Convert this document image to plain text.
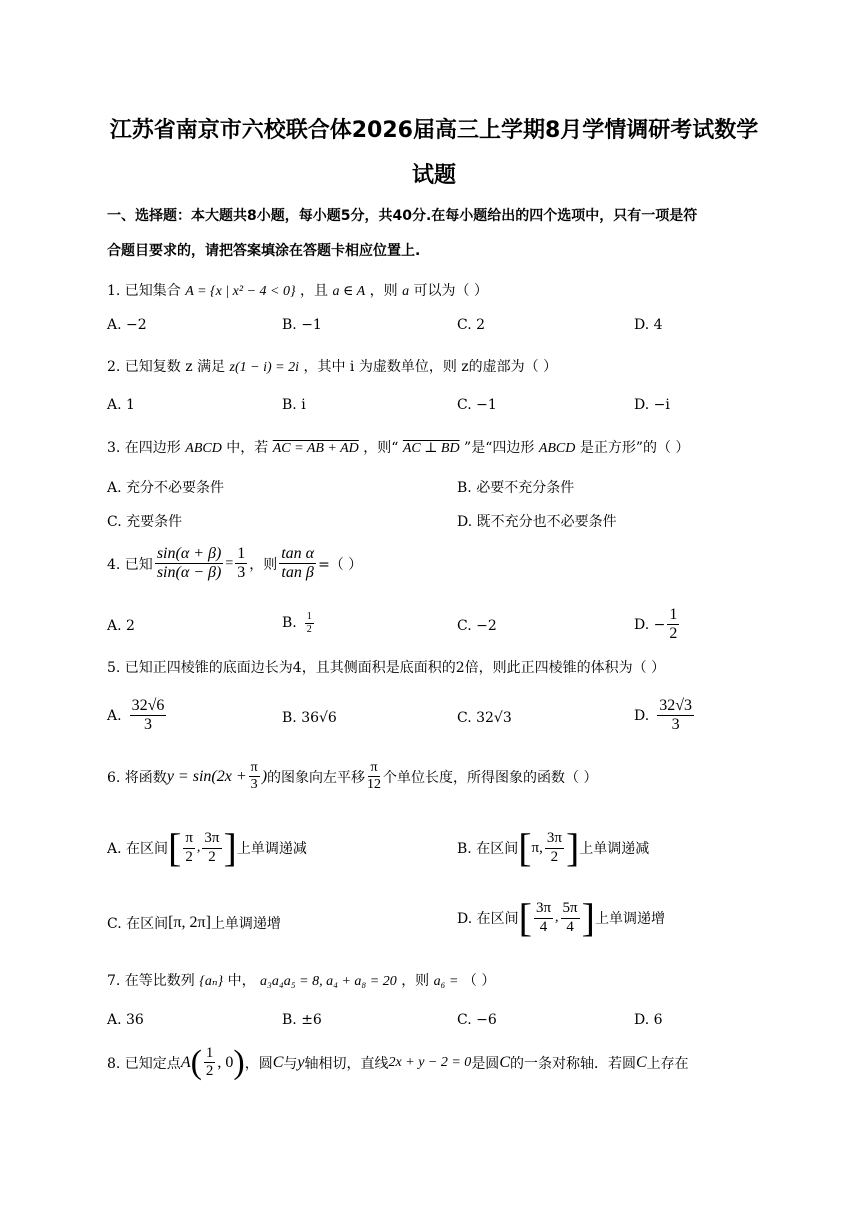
江苏省南京市六校联合体2026届高三上学期8月学情调研考试数学
试题
一、选择题：本大题共8小题，每小题5分，共40分.在每小题给出的四个选项中，只有一项是符
合题目要求的，请把答案填涂在答题卡相应位置上.
1. 已知集合 A = {x | x² − 4 < 0} ，且 a ∈ A ，则 a 可以为（ ）
A. −2	B. −1	C. 2	D. 4
2. 已知复数 z 满足 z(1 − i) = 2i ，其中 i 为虚数单位，则 z的虚部为（ ）
A. 1	B. i	C. −1	D. −i
3. 在四边形 ABCD 中，若 AC = AB + AD ，则“ AC ⊥ BD ”是“四边形 ABCD 是正方形”的（ ）
A. 充分不必要条件	B. 必要不充分条件
C. 充要条件	D. 既不充分也不必要条件
4. 已知 $\frac{\sin(\alpha + \beta)}{\sin(\alpha - \beta)} = \frac{1}{3}$ ，则 $\frac{\text{tan α}}{\text{tan β}}$ =（ ）
A. 2	B. $\frac{1}{2}$	C. −2	D. − $\frac{1}{2}$
5. 已知正四棱锥的底面边长为4，且其侧面积是底面积的2倍，则此正四棱锥的体积为（ ）
A. $\frac{32√6}{3}$	B. 36√6	C. 32√3	D. $\frac{32√3}{3}$
6. 将函数 $y = \sin(2x + \frac{\pi}{3}$ ) 的图象向左平移 $\frac{\pi}{12}$ 个单位长度，所得图象的函数（ ）
A. 在区间 [ $\frac{\pi}{2}$ , $\frac{3\pi}{2}$ ] 上单调递减	B. 在区间 [ π, $\frac{3\pi}{2}$ ] 上单调递减
C. 在区间 [π, 2π] 上单调递增	D. 在区间 [ $\frac{3\pi}{4}$ , $\frac{5\pi}{4}$ ] 上单调递增
7. 在等比数列 {aₙ} 中， a₃a₄a₅ = 8, a₄ + a₈ = 20 ，则 a₆ = （ ）
A. 36	B. ±6	C. −6	D. 6
8. 已知定点 A ( $\frac{1}{2}$ , 0 ) ，圆 C 与 y 轴相切，直线 2x + y − 2 = 0 是圆 C 的一条对称轴．若圆 C 上存在
